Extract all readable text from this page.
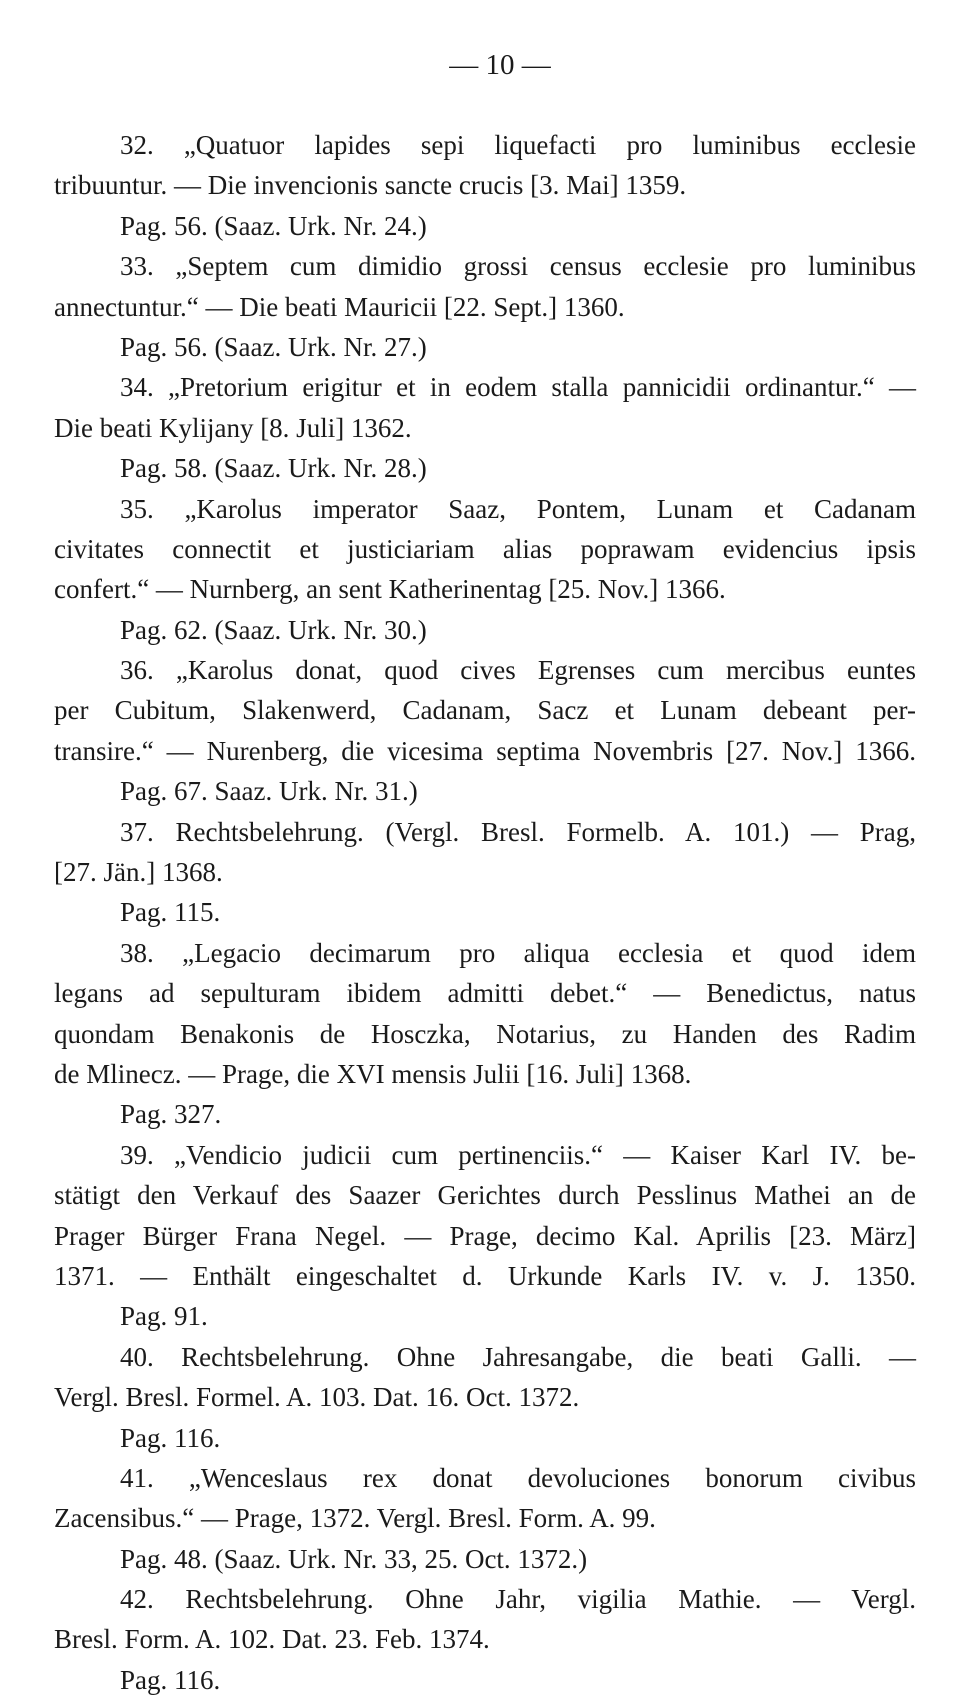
— 10 —
32. „Quatuor lapides sepi liquefacti pro luminibus ecclesie
tribuuntur. — Die invencionis sancte crucis [3. Mai] 1359.
Pag. 56. (Saaz. Urk. Nr. 24.)
33. „Septem cum dimidio grossi census ecclesie pro luminibus
annectuntur.“ — Die beati Mauricii [22. Sept.] 1360.
Pag. 56. (Saaz. Urk. Nr. 27.)
34. „Pretorium erigitur et in eodem stalla pannicidii ordinantur.“ —
Die beati Kylijany [8. Juli] 1362.
Pag. 58. (Saaz. Urk. Nr. 28.)
35. „Karolus imperator Saaz, Pontem, Lunam et Cadanam
civitates connectit et justiciariam alias poprawam evidencius ipsis
confert.“ — Nurnberg, an sent Katherinentag [25. Nov.] 1366.
Pag. 62. (Saaz. Urk. Nr. 30.)
36. „Karolus donat, quod cives Egrenses cum mercibus euntes
per Cubitum, Slakenwerd, Cadanam, Sacz et Lunam debeant per-
transire.“ — Nurenberg, die vicesima septima Novembris [27. Nov.] 1366.
Pag. 67. Saaz. Urk. Nr. 31.)
37. Rechtsbelehrung. (Vergl. Bresl. Formelb. A. 101.) — Prag,
[27. Jän.] 1368.
Pag. 115.
38. „Legacio decimarum pro aliqua ecclesia et quod idem
legans ad sepulturam ibidem admitti debet.“ — Benedictus, natus
quondam Benakonis de Hosczka, Notarius, zu Handen des Radim
de Mlinecz. — Prage, die XVI mensis Julii [16. Juli] 1368.
Pag. 327.
39. „Vendicio judicii cum pertinenciis.“ — Kaiser Karl IV. be-
stätigt den Verkauf des Saazer Gerichtes durch Pesslinus Mathei an de
Prager Bürger Frana Negel. — Prage, decimo Kal. Aprilis [23. März]
1371. — Enthält eingeschaltet d. Urkunde Karls IV. v. J. 1350.
Pag. 91.
40. Rechtsbelehrung. Ohne Jahresangabe, die beati Galli. —
Vergl. Bresl. Formel. A. 103. Dat. 16. Oct. 1372.
Pag. 116.
41. „Wenceslaus rex donat devoluciones bonorum civibus
Zacensibus.“ — Prage, 1372. Vergl. Bresl. Form. A. 99.
Pag. 48. (Saaz. Urk. Nr. 33, 25. Oct. 1372.)
42. Rechtsbelehrung. Ohne Jahr, vigilia Mathie. — Vergl.
Bresl. Form. A. 102. Dat. 23. Feb. 1374.
Pag. 116.
